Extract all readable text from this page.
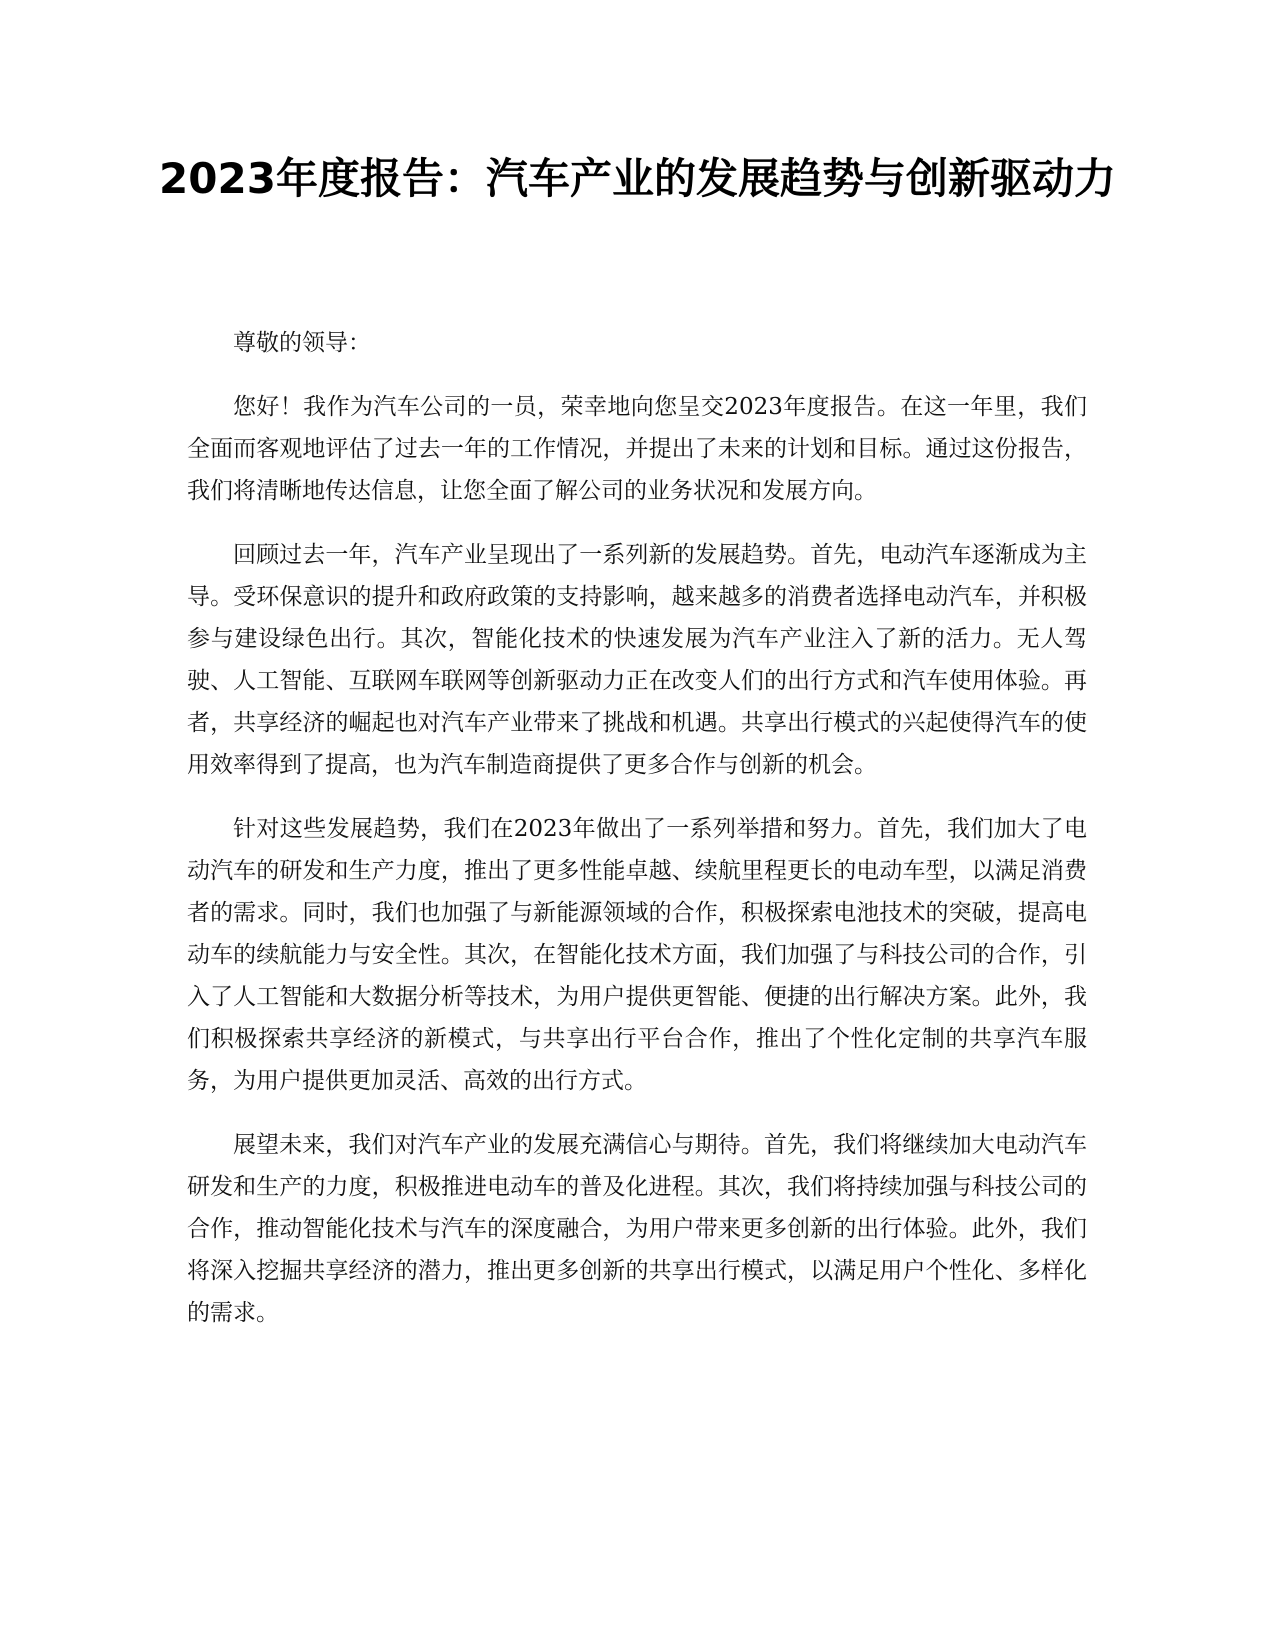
2023年度报告：汽车产业的发展趋势与创新驱动力

尊敬的领导：

您好！我作为汽车公司的一员，荣幸地向您呈交2023年度报告。在这一年里，我们全面而客观地评估了过去一年的工作情况，并提出了未来的计划和目标。通过这份报告，我们将清晰地传达信息，让您全面了解公司的业务状况和发展方向。

回顾过去一年，汽车产业呈现出了一系列新的发展趋势。首先，电动汽车逐渐成为主导。受环保意识的提升和政府政策的支持影响，越来越多的消费者选择电动汽车，并积极参与建设绿色出行。其次，智能化技术的快速发展为汽车产业注入了新的活力。无人驾驶、人工智能、互联网车联网等创新驱动力正在改变人们的出行方式和汽车使用体验。再者，共享经济的崛起也对汽车产业带来了挑战和机遇。共享出行模式的兴起使得汽车的使用效率得到了提高，也为汽车制造商提供了更多合作与创新的机会。

针对这些发展趋势，我们在2023年做出了一系列举措和努力。首先，我们加大了电动汽车的研发和生产力度，推出了更多性能卓越、续航里程更长的电动车型，以满足消费者的需求。同时，我们也加强了与新能源领域的合作，积极探索电池技术的突破，提高电动车的续航能力与安全性。其次，在智能化技术方面，我们加强了与科技公司的合作，引入了人工智能和大数据分析等技术，为用户提供更智能、便捷的出行解决方案。此外，我们积极探索共享经济的新模式，与共享出行平台合作，推出了个性化定制的共享汽车服务，为用户提供更加灵活、高效的出行方式。

展望未来，我们对汽车产业的发展充满信心与期待。首先，我们将继续加大电动汽车研发和生产的力度，积极推进电动车的普及化进程。其次，我们将持续加强与科技公司的合作，推动智能化技术与汽车的深度融合，为用户带来更多创新的出行体验。此外，我们将深入挖掘共享经济的潜力，推出更多创新的共享出行模式，以满足用户个性化、多样化的需求。
